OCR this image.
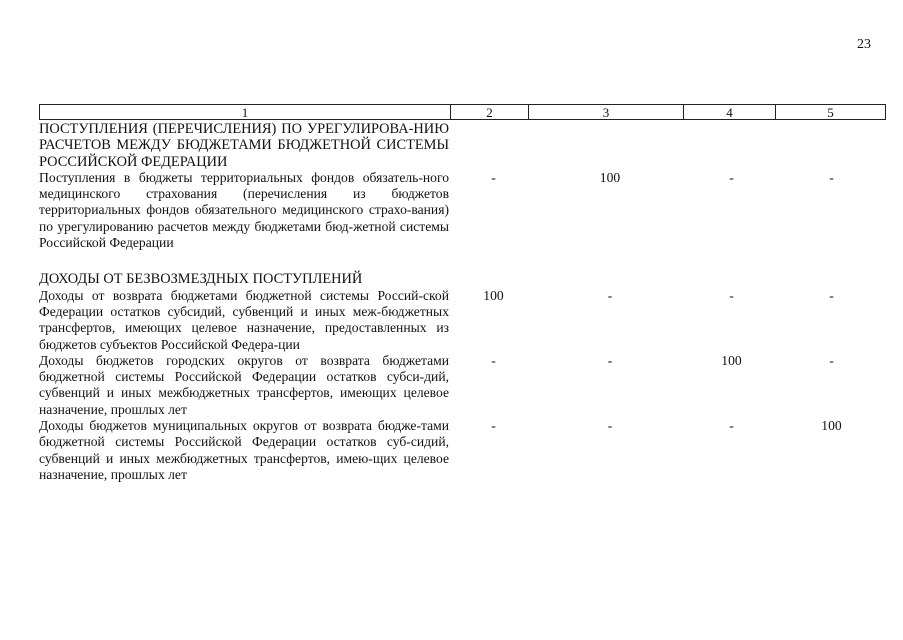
23
1	2	3	4	5
ПОСТУПЛЕНИЯ (ПЕРЕЧИСЛЕНИЯ) ПО УРЕГУЛИРОВА-НИЮ РАСЧЕТОВ МЕЖДУ БЮДЖЕТАМИ БЮДЖЕТНОЙ СИСТЕМЫ РОССИЙСКОЙ ФЕДЕРАЦИИ
Поступления в бюджеты территориальных фондов обязатель-ного медицинского страхования (перечисления из бюджетов территориальных фондов обязательного медицинского страхо-вания) по урегулированию расчетов между бюджетами бюд-жетной системы Российской Федерации
-	100	-	-
ДОХОДЫ ОТ БЕЗВОЗМЕЗДНЫХ ПОСТУПЛЕНИЙ
Доходы от возврата бюджетами бюджетной системы Россий-ской Федерации остатков субсидий, субвенций и иных меж-бюджетных трансфертов, имеющих целевое назначение, предоставленных из бюджетов субъектов Российской Федера-ции
100	-	-	-
Доходы бюджетов городских округов от возврата бюджетами бюджетной системы Российской Федерации остатков субси-дий, субвенций и иных межбюджетных трансфертов, имеющих целевое назначение, прошлых лет
-	-	100	-
Доходы бюджетов муниципальных округов от возврата бюдже-тами бюджетной системы Российской Федерации остатков суб-сидий, субвенций и иных межбюджетных трансфертов, имею-щих целевое назначение, прошлых лет
-	-	-	100
